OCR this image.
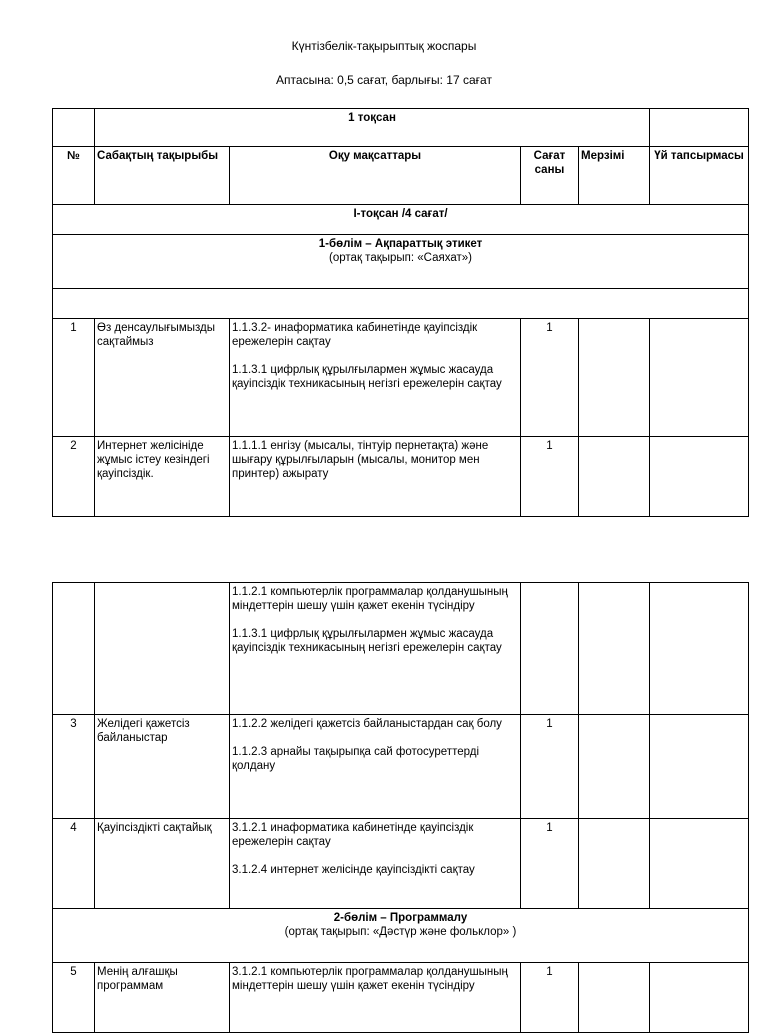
Күнтізбелік-тақырыптық жоспары
Аптасына: 0,5 сағат, барлығы: 17 сағат
	1 тоқсан				
№	Сабақтың тақырыбы	Оқу мақсаттары	Сағат саны	Мерзімі	Үй тапсырмасы
І-тоқсан /4 сағат/					

1-бөлім – Ақпараттық этикет
(ортақ тақырып: «Саяхат»)					

1	Өз денсаулығымызды сақтаймыз	1.1.3.2- инаформатика кабинетінде қауіпсіздік ережелерін сақтау
1.1.3.1 цифрлық құрылғылармен жұмыс жасауда қауіпсіздік техникасының негізгі ережелерін сақтау	1		
2	Интернет желісініде жұмыс істеу кезіндегі қауіпсіздік.	1.1.1.1 енгізу (мысалы, тінтуір пернетақта) және шығару құрылғыларын (мысалы, монитор мен принтер) ажырату	1		

		1.1.2.1 компьютерлік программалар қолданушының міндеттерін шешу үшін қажет екенін түсіндіру
1.1.3.1 цифрлық құрылғылармен жұмыс жасауда қауіпсіздік техникасының негізгі ережелерін сақтау			

3	Желідегі қажетсіз байланыстар	1.1.2.2 желідегі қажетсіз байланыстардан сақ болу
1.1.2.3 арнайы тақырыпқа сай фотосуреттерді қолдану	1		
4	Қауіпсіздікті сақтайық	3.1.2.1 инаформатика кабинетінде қауіпсіздік ережелерін сақтау
3.1.2.4 интернет желісінде қауіпсіздікті сақтау	1		

2-бөлім – Программалу
(ортақ тақырып: «Дәстүр және фольклор» )					

5	Менің алғашқы программам	3.1.2.1 компьютерлік программалар қолданушының міндеттерін шешу үшін қажет екенін түсіндіру	1		
